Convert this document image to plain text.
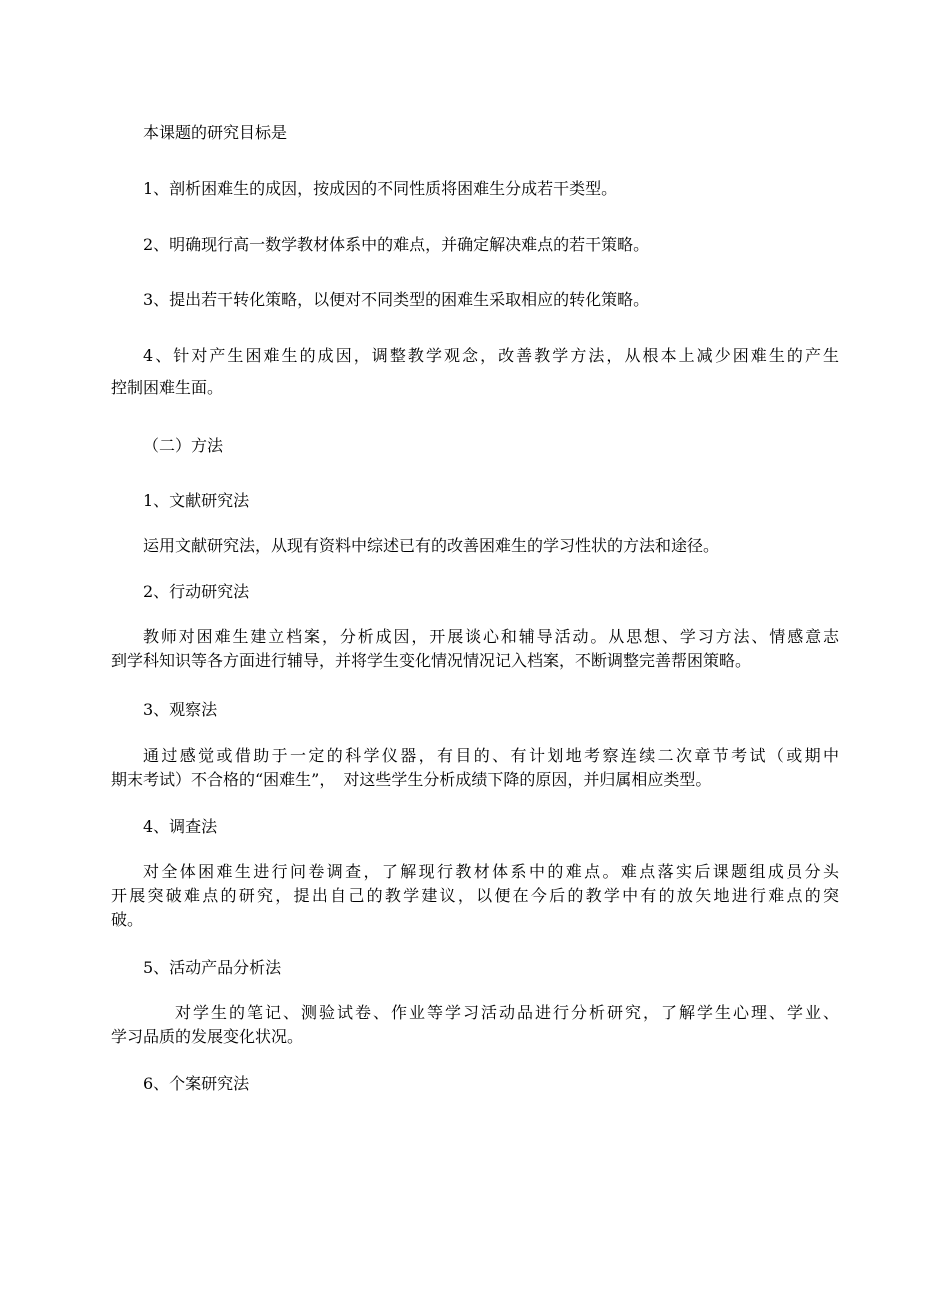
本课题的研究目标是
1、剖析困难生的成因，按成因的不同性质将困难生分成若干类型。
2、明确现行高一数学教材体系中的难点，并确定解决难点的若干策略。
3、提出若干转化策略，以便对不同类型的困难生采取相应的转化策略。
4、针对产生困难生的成因，调整教学观念，改善教学方法，从根本上减少困难生的产生
控制困难生面。
（二）方法
1、文献研究法
运用文献研究法，从现有资料中综述已有的改善困难生的学习性状的方法和途径。
2、行动研究法
教师对困难生建立档案，分析成因，开展谈心和辅导活动。从思想、学习方法、情感意志
到学科知识等各方面进行辅导，并将学生变化情况情况记入档案，不断调整完善帮困策略。
3、观察法
通过感觉或借助于一定的科学仪器，有目的、有计划地考察连续二次章节考试（或期中
期末考试）不合格的“困难生”，　对这些学生分析成绩下降的原因，并归属相应类型。
4、调查法
对全体困难生进行问卷调查，了解现行教材体系中的难点。难点落实后课题组成员分头
开展突破难点的研究，提出自己的教学建议，以便在今后的教学中有的放矢地进行难点的突
破。
5、活动产品分析法
对学生的笔记、测验试卷、作业等学习活动品进行分析研究，了解学生心理、学业、
学习品质的发展变化状况。
6、个案研究法
